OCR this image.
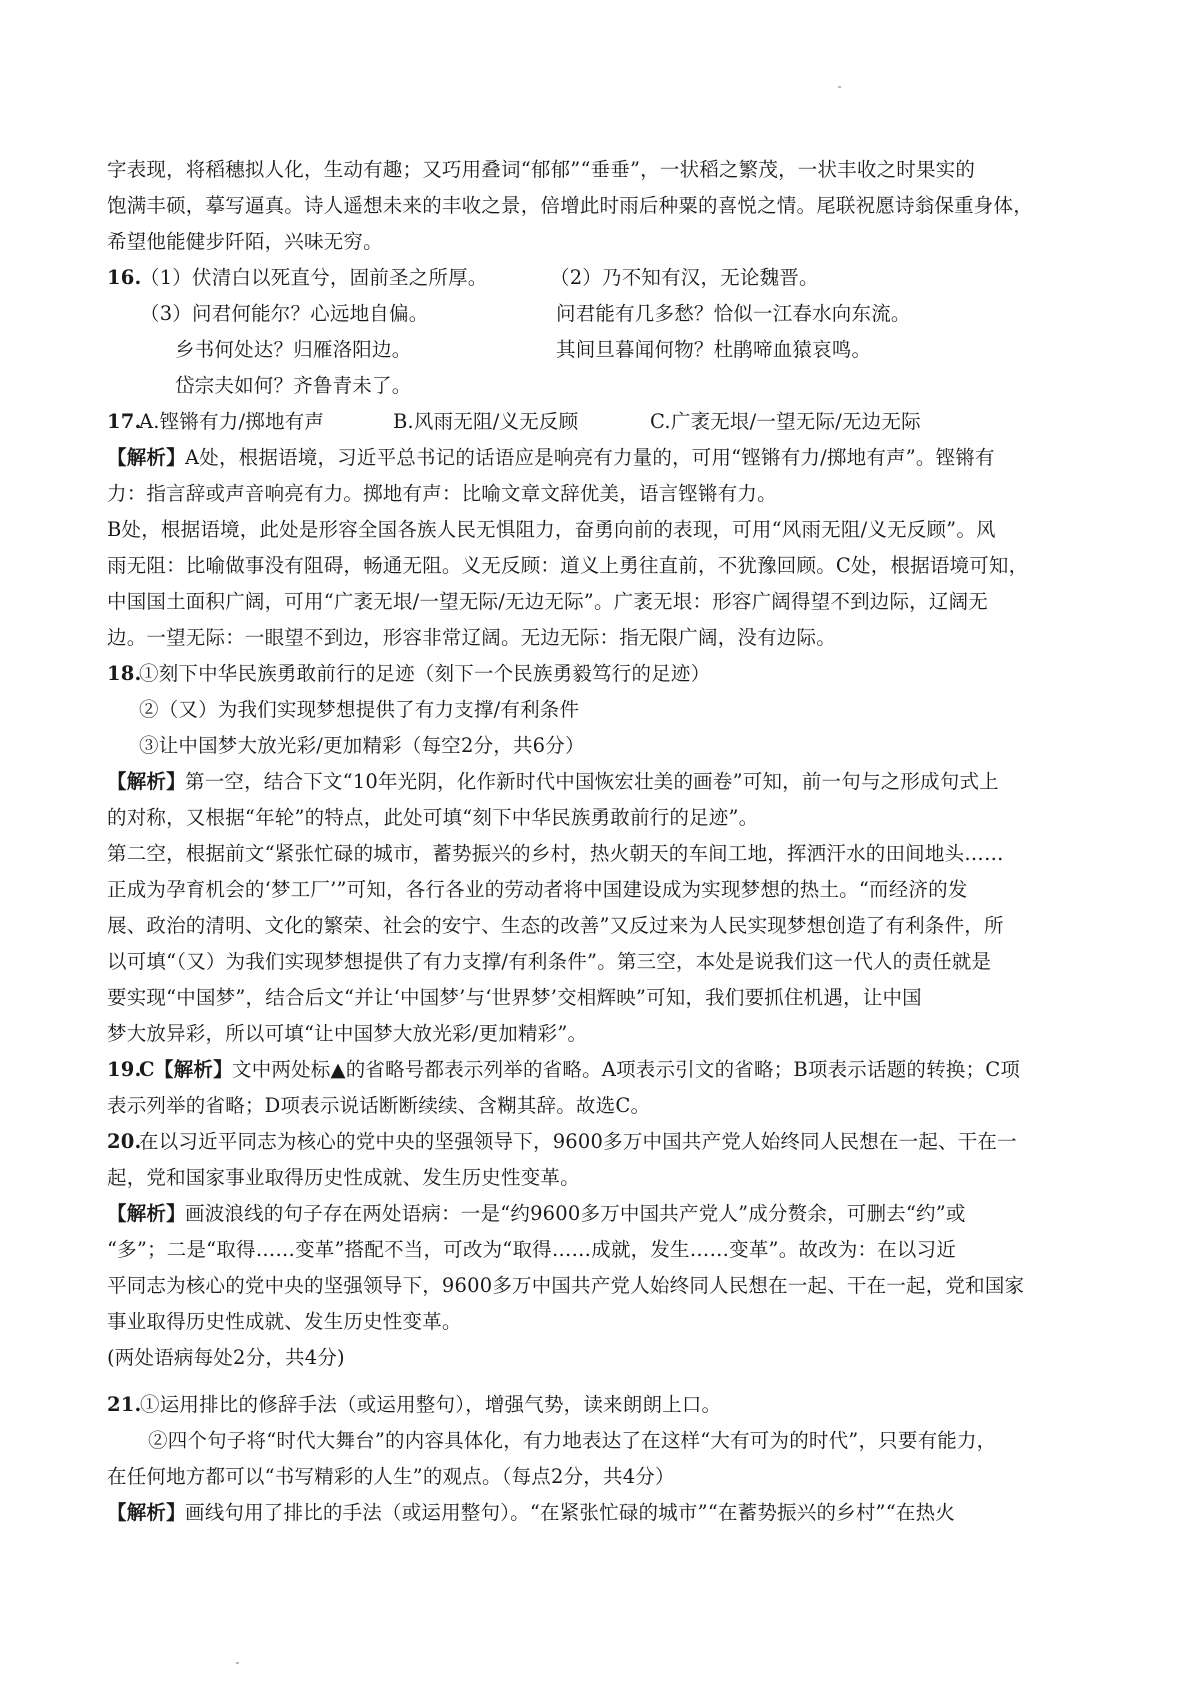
字表现，将稻穗拟人化，生动有趣；又巧用叠词“郁郁”“垂垂”，一状稻之繁茂，一状丰收之时果实的
饱满丰硕，摹写逼真。诗人遥想未来的丰收之景，倍增此时雨后种粟的喜悦之情。尾联祝愿诗翁保重身体，
希望他能健步阡陌，兴味无穷。
16.
（1）伏清白以死直兮，固前圣之所厚。	（2）乃不知有汉，无论魏晋。
（3）问君何能尔？心远地自偏。	问君能有几多愁？恰似一江春水向东流。
乡书何处达？归雁洛阳边。	其间旦暮闻何物？杜鹃啼血猿哀鸣。
岱宗夫如何？齐鲁青未了。
17.
A.铿锵有力/掷地有声	B.风雨无阻/义无反顾	C.广袤无垠/一望无际/无边无际
【解析】 A处，根据语境，习近平总书记的话语应是响亮有力量的，可用“铿锵有力/掷地有声”。铿锵有
力：指言辞或声音响亮有力。掷地有声：比喻文章文辞优美，语言铿锵有力。
B处，根据语境，此处是形容全国各族人民无惧阻力，奋勇向前的表现，可用“风雨无阻/义无反顾”。风
雨无阻：比喻做事没有阻碍，畅通无阻。义无反顾：道义上勇往直前，不犹豫回顾。C处，根据语境可知，
中国国土面积广阔，可用“广袤无垠/一望无际/无边无际”。广袤无垠：形容广阔得望不到边际，辽阔无
边。一望无际：一眼望不到边，形容非常辽阔。无边无际：指无限广阔，没有边际。
18.
①刻下中华民族勇敢前行的足迹（刻下一个民族勇毅笃行的足迹）
②（又）为我们实现梦想提供了有力支撑/有利条件
③让中国梦大放光彩/更加精彩（每空2分，共6分）
【解析】 第一空，结合下文“10年光阴，化作新时代中国恢宏壮美的画卷”可知，前一句与之形成句式上
的对称，又根据“年轮”的特点，此处可填“刻下中华民族勇敢前行的足迹”。
第二空，根据前文“紧张忙碌的城市，蓄势振兴的乡村，热火朝天的车间工地，挥洒汗水的田间地头……
正成为孕育机会的‘梦工厂’”可知，各行各业的劳动者将中国建设成为实现梦想的热土。“而经济的发
展、政治的清明、文化的繁荣、社会的安宁、生态的改善”又反过来为人民实现梦想创造了有利条件，所
以可填“（又）为我们实现梦想提供了有力支撑/有利条件”。第三空，本处是说我们这一代人的责任就是
要实现“中国梦”，结合后文“并让‘中国梦’与‘世界梦’交相辉映”可知，我们要抓住机遇，让中国
梦大放异彩，所以可填“让中国梦大放光彩/更加精彩”。
19.
C 【解析】 文中两处标▲的省略号都表示列举的省略。A项表示引文的省略；B项表示话题的转换；C项
表示列举的省略；D项表示说话断断续续、含糊其辞。故选C。
20.
在以习近平同志为核心的党中央的坚强领导下，9600多万中国共产党人始终同人民想在一起、干在一
起，党和国家事业取得历史性成就、发生历史性变革。
【解析】 画波浪线的句子存在两处语病：一是“约9600多万中国共产党人”成分赘余，可删去“约”或
“多”；二是“取得……变革”搭配不当，可改为“取得……成就，发生……变革”。故改为：在以习近
平同志为核心的党中央的坚强领导下，9600多万中国共产党人始终同人民想在一起、干在一起，党和国家
事业取得历史性成就、发生历史性变革。
(两处语病每处2分，共4分)
21.
①运用排比的修辞手法（或运用整句），增强气势，读来朗朗上口。
②四个句子将“时代大舞台”的内容具体化，有力地表达了在这样“大有可为的时代”，只要有能力，
在任何地方都可以“书写精彩的人生”的观点。（每点2分，共4分）
【解析】 画线句用了排比的手法（或运用整句）。“在紧张忙碌的城市”“在蓄势振兴的乡村”“在热火
